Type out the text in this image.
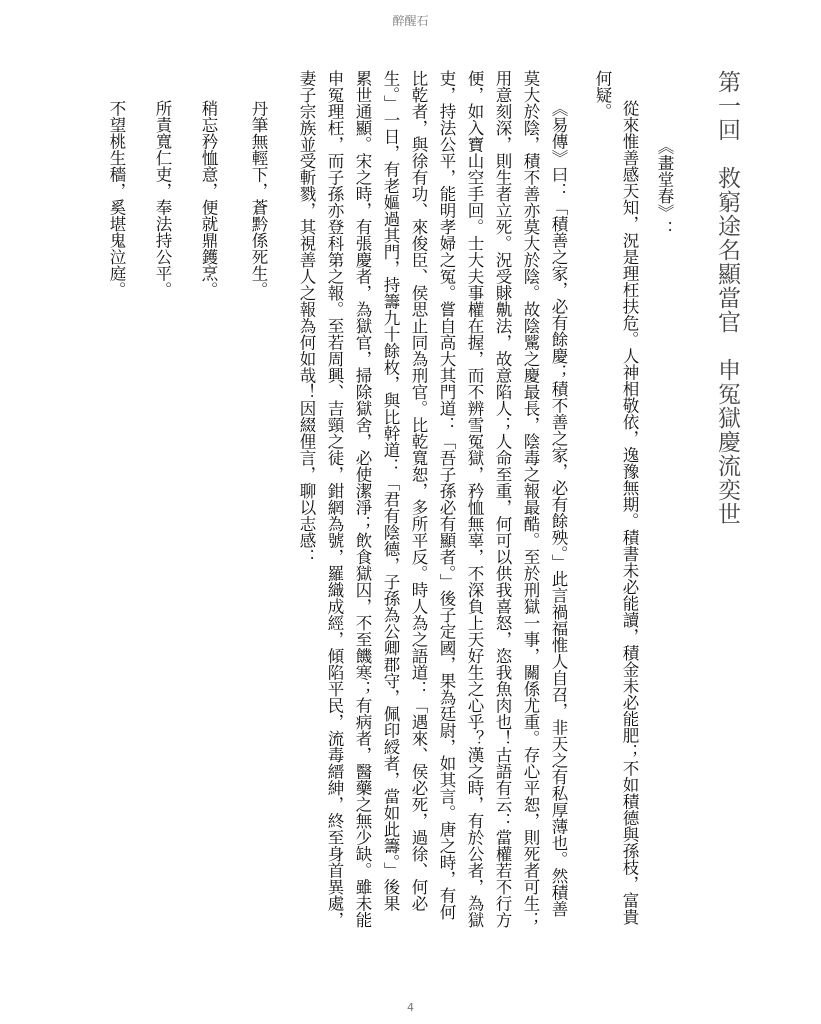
醉醒石
第一回　救窮途名顯當官　申冤獄慶流奕世
《畫堂春》：
從來惟善感天知，況是理枉扶危。人神相敬依，逸豫無期。積書未必能讀，積金未必能肥；不如積德與孫枝，富貴
何疑。
《易傳》曰：「積善之家，必有餘慶；積不善之家，必有餘殃。」此言禍福惟人自召，非天之有私厚薄也。然積善
莫大於陰，積不善亦莫大於陰。故陰騭之慶最長，陰毒之報最酷。至於刑獄一事，關係尤重。存心平恕，則死者可生；
用意刻深，則生者立死。況受賕鼽法，故意陷人；人命至重，何可以供我喜怒，恣我魚肉也！古語有云：當權若不行方
便，如入寶山空手回。士大夫事權在握，而不辨雪冤獄，矜恤無辜，不深負上天好生之心乎？漢之時，有於公者，為獄
吏，持法公平，能明孝婦之冤。嘗自高大其門道：「吾子孫必有顯者。」後子定國，果為廷尉，如其言。唐之時，有何
比乾者，與徐有功、來俊臣、侯思止同為刑官。比乾寬恕，多所平反。時人為之語道：「遇來、侯必死，過徐、何必
生。」一日，有老嫗過其門，持籌九十餘枚，與比幹道：「君有陰德，子孫為公卿郡守，佩印綬者，當如此籌。」後果
累世通顯。宋之時，有張慶者，為獄官，掃除獄舍，必使潔淨；飲食獄囚，不至饑寒；有病者，醫藥之無少缺。雖未能
申冤理枉，而子孫亦登科第之報。至若周興、吉頸之徒，鉗網為號，羅織成經，傾陷平民，流毒縉紳，終至身首異處，
妻子宗族並受斬戮，其視善人之報為何如哉！因綴俚言，聊以志感：
丹筆無輕下，蒼黔係死生。
稍忘矜恤意，便就鼎鑊烹。
所責寬仁吏，奉法持公平。
不望桃生穡，奚堪鬼泣庭。
4
